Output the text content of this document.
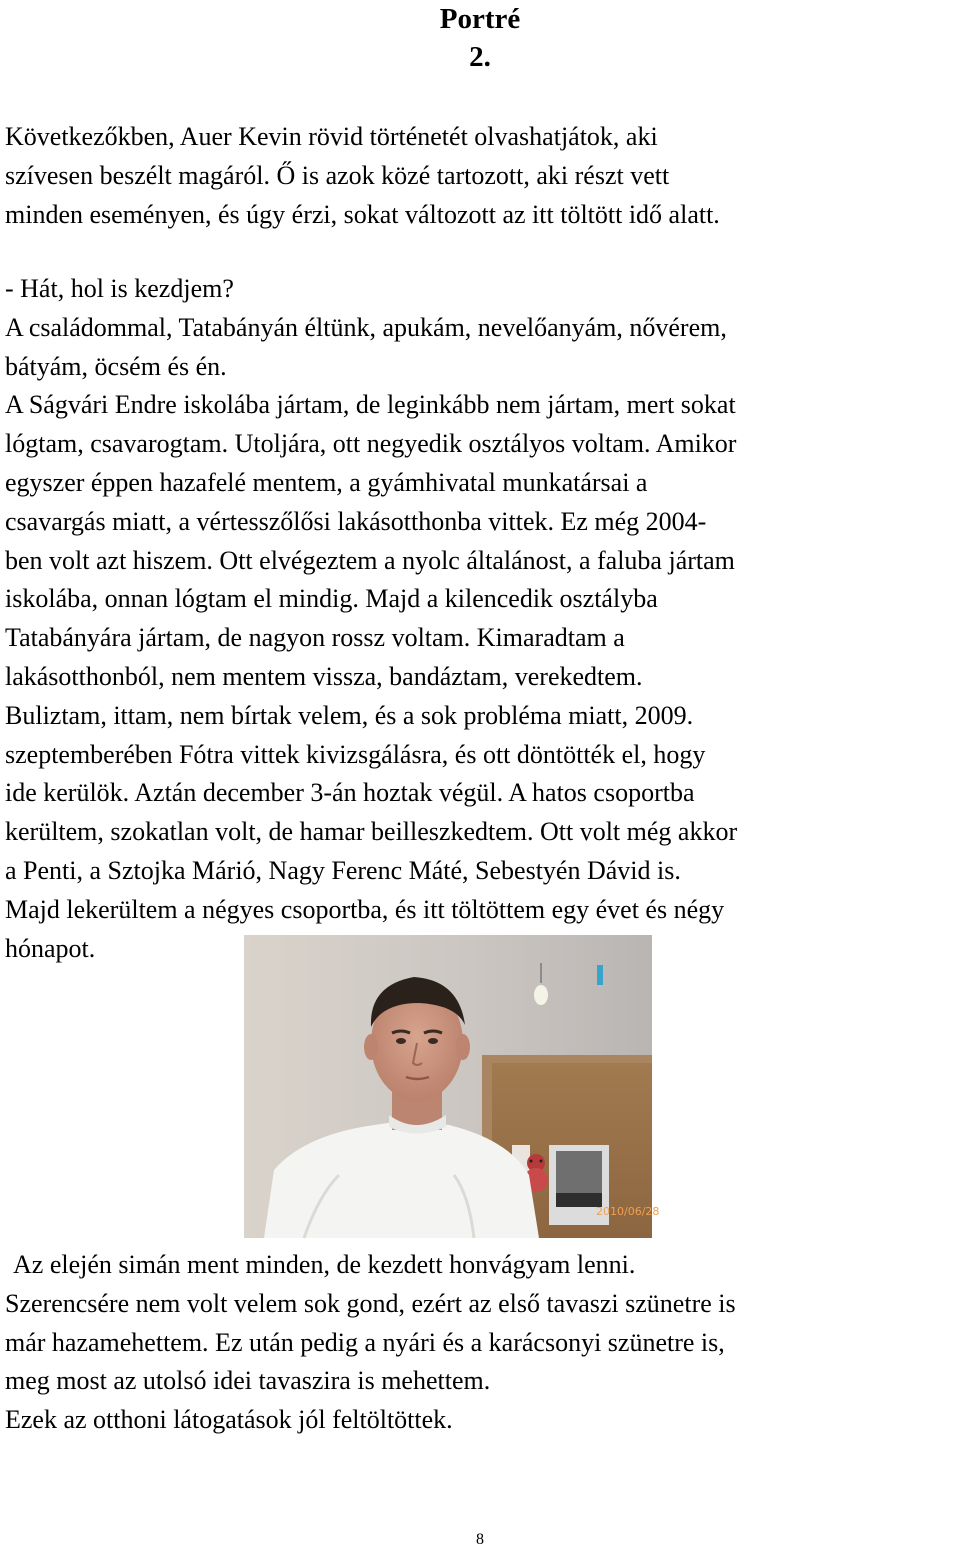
Portré
2.
Következőkben, Auer Kevin rövid történetét olvashatjátok, aki
szívesen beszélt magáról. Ő is azok közé tartozott, aki részt vett
minden eseményen, és úgy érzi, sokat változott az itt töltött idő alatt.
- Hát, hol is kezdjem?
A családommal, Tatabányán éltünk, apukám, nevelőanyám, nővérem,
bátyám, öcsém és én.
A Ságvári Endre iskolába jártam, de leginkább nem jártam, mert sokat
lógtam, csavarogtam. Utoljára, ott negyedik osztályos voltam. Amikor
egyszer éppen hazafelé mentem, a gyámhivatal munkatársai a
csavargás miatt, a vértesszőlősi lakásotthonba vittek. Ez még 2004-
ben volt azt hiszem. Ott elvégeztem a nyolc általánost, a faluba jártam
iskolába, onnan lógtam el mindig. Majd a kilencedik osztályba
Tatabányára jártam, de nagyon rossz voltam. Kimaradtam a
lakásotthonból, nem mentem vissza, bandáztam, verekedtem.
Buliztam, ittam, nem bírtak velem, és a sok probléma miatt, 2009.
szeptemberében Fótra vittek kivizsgálásra, és ott döntötték el, hogy
ide kerülök. Aztán december 3-án hoztak végül. A hatos csoportba
kerültem, szokatlan volt, de hamar beilleszkedtem. Ott volt még akkor
a Penti, a Sztojka Márió, Nagy Ferenc Máté, Sebestyén Dávid is.
Majd lekerültem a négyes csoportba, és itt töltöttem egy évet és négy
hónapot.
2010/06/28
Az elején simán ment minden, de kezdett honvágyam lenni.
Szerencsére nem volt velem sok gond, ezért az első tavaszi szünetre is
már hazamehettem. Ez után pedig a nyári és a karácsonyi szünetre is,
meg most az utolsó idei tavaszira is mehettem.
Ezek az otthoni látogatások jól feltöltöttek.
8
